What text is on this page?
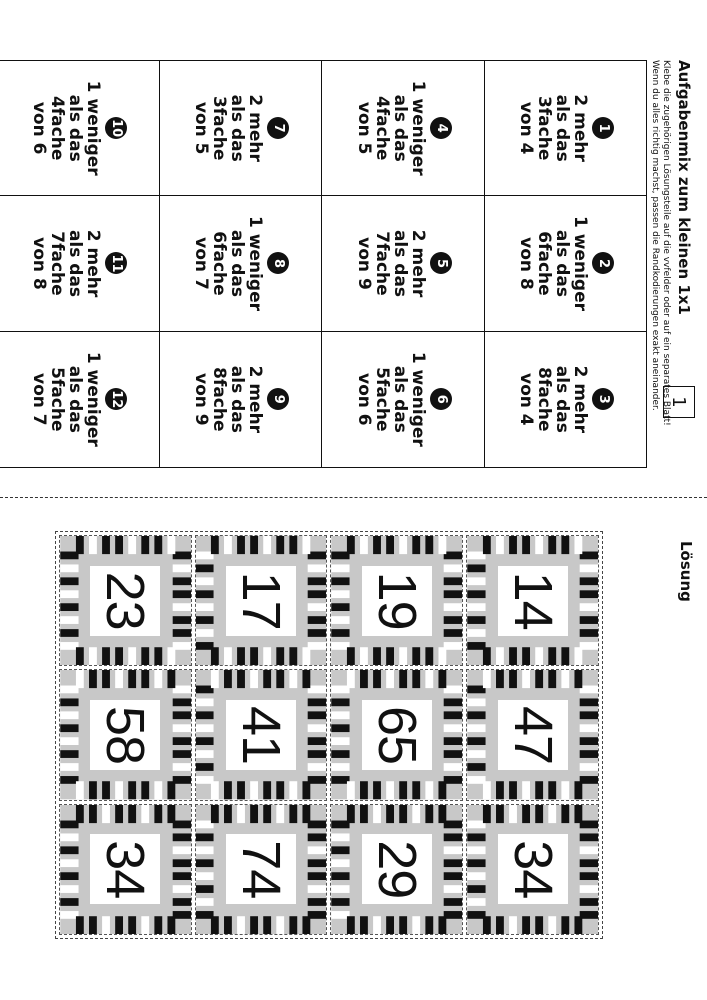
Aufgabenmix zum kleinen 1x1
Klebe die zugehörigen Lösungsteile auf die vvfelder oder auf ein separates Blatt! Wenn du alles richtig machst, passen die Randkodierungen exakt aneinander. 1
1
2 mehr
als das
3fache
von 4
2
1 weniger
als das
6fache
von 8
3
2 mehr
als das
8fache
von 4
4
1 weniger
als das
4fache
von 5
5
2 mehr
als das
7fache
von 9
6
1 weniger
als das
5fache
von 6
7
2 mehr
als das
3fache
von 5
8
1 weniger
als das
6fache
von 7
9
2 mehr
als das
8fache
von 9
10
1 weniger
als das
4fache
von 6
11
2 mehr
als das
7fache
von 8
12
1 weniger
als das
5fache
von 7
Lösung
14
47
34
19
65
29
17
41
74
23
58
34
